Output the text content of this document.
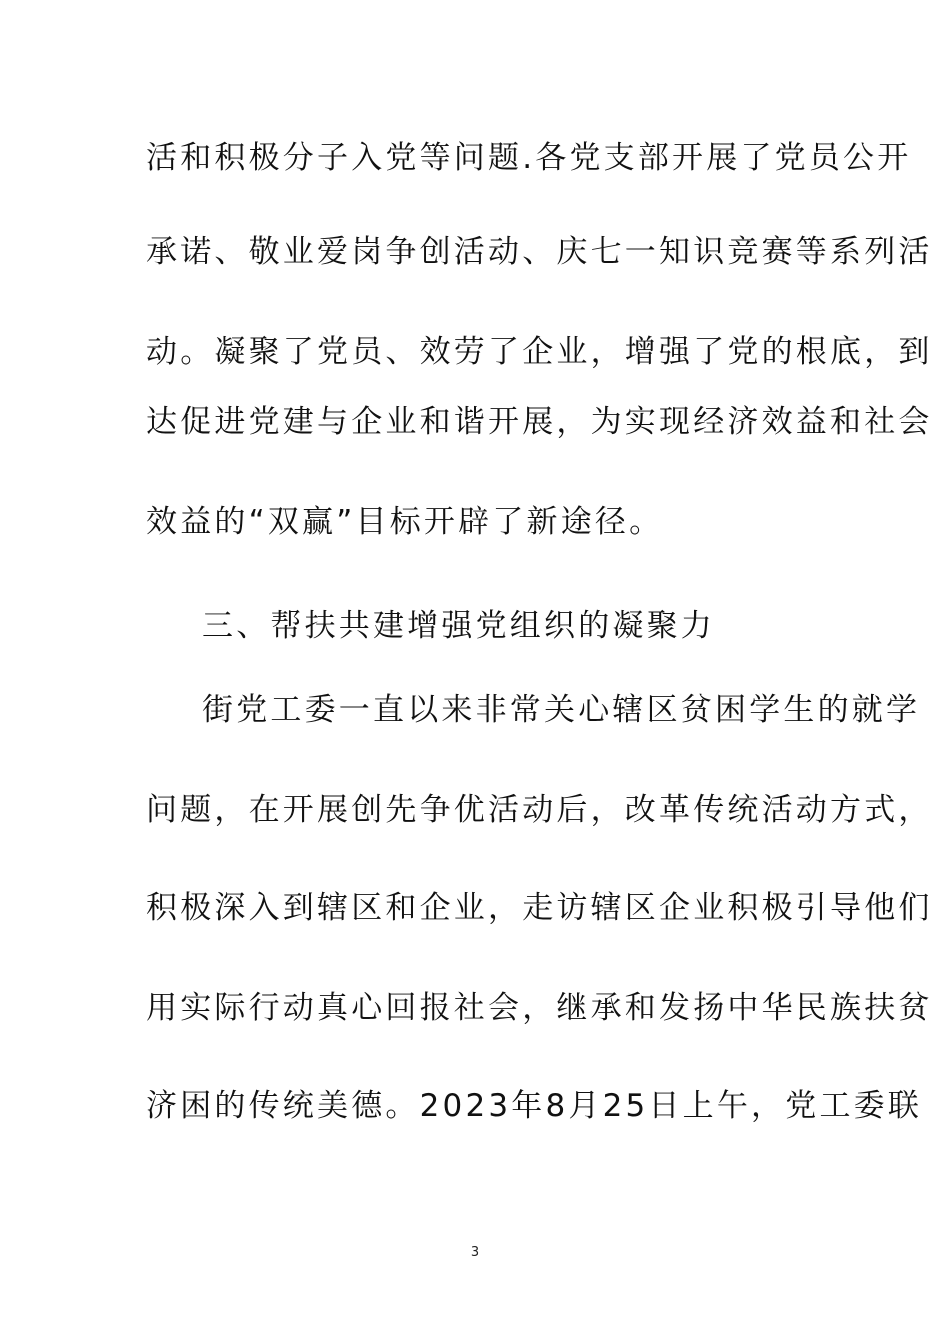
活和积极分子入党等问题.各党支部开展了党员公开
承诺、敬业爱岗争创活动、庆七一知识竞赛等系列活
动。凝聚了党员、效劳了企业，增强了党的根底，到
达促进党建与企业和谐开展，为实现经济效益和社会
效益的“双赢”目标开辟了新途径。
三、帮扶共建增强党组织的凝聚力
街党工委一直以来非常关心辖区贫困学生的就学
问题，在开展创先争优活动后，改革传统活动方式，
积极深入到辖区和企业，走访辖区企业积极引导他们
用实际行动真心回报社会，继承和发扬中华民族扶贫
济困的传统美德。2023年8月25日上午，党工委联
3
